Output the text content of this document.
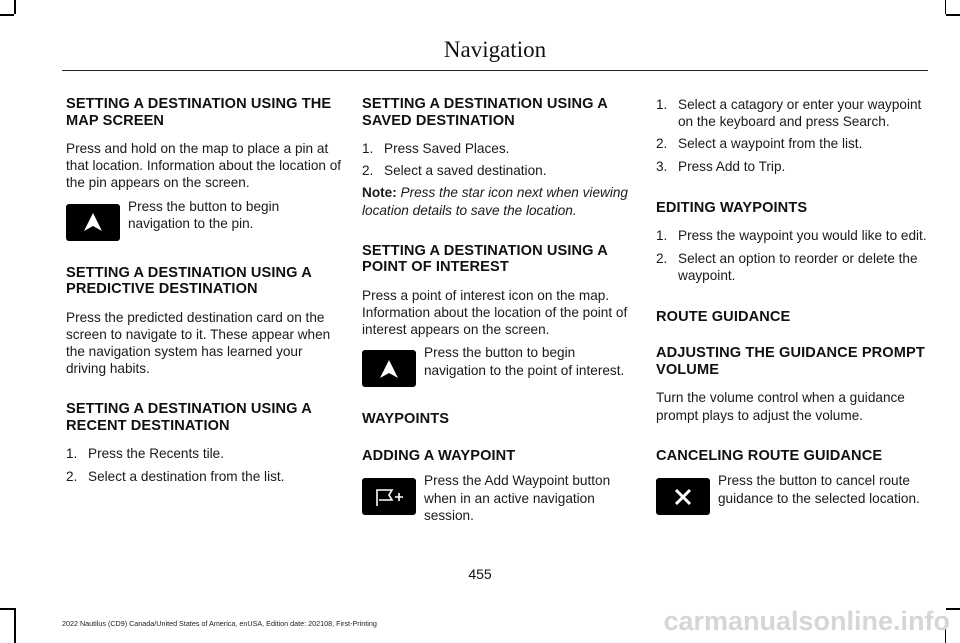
Navigation
SETTING A DESTINATION USING THE MAP SCREEN

Press and hold on the map to place a pin at that location. Information about the location of the pin appears on the screen.

Press the button to begin navigation to the pin.

SETTING A DESTINATION USING A PREDICTIVE DESTINATION

Press the predicted destination card on the screen to navigate to it. These appear when the navigation system has learned your driving habits.

SETTING A DESTINATION USING A RECENT DESTINATION
1. Press the Recents tile.
2. Select a destination from the list.
SETTING A DESTINATION USING A SAVED DESTINATION
1. Press Saved Places.
2. Select a saved destination.

Note: Press the star icon next when viewing location details to save the location.

SETTING A DESTINATION USING A POINT OF INTEREST

Press a point of interest icon on the map. Information about the location of the point of interest appears on the screen.

Press the button to begin navigation to the point of interest.

WAYPOINTS
ADDING A WAYPOINT

Press the Add Waypoint button when in an active navigation session.

1. Select a catagory or enter your waypoint on the keyboard and press Search.
2. Select a waypoint from the list.
3. Press Add to Trip.
EDITING WAYPOINTS
1. Press the waypoint you would like to edit.
2. Select an option to reorder or delete the waypoint.
ROUTE GUIDANCE
ADJUSTING THE GUIDANCE PROMPT VOLUME

Turn the volume control when a guidance prompt plays to adjust the volume.

CANCELING ROUTE GUIDANCE

Press the button to cancel route guidance to the selected location.

455
2022 Nautilus (CD9) Canada/United States of America, enUSA, Edition date: 202108, First-Printing	carmanualsonline.info
